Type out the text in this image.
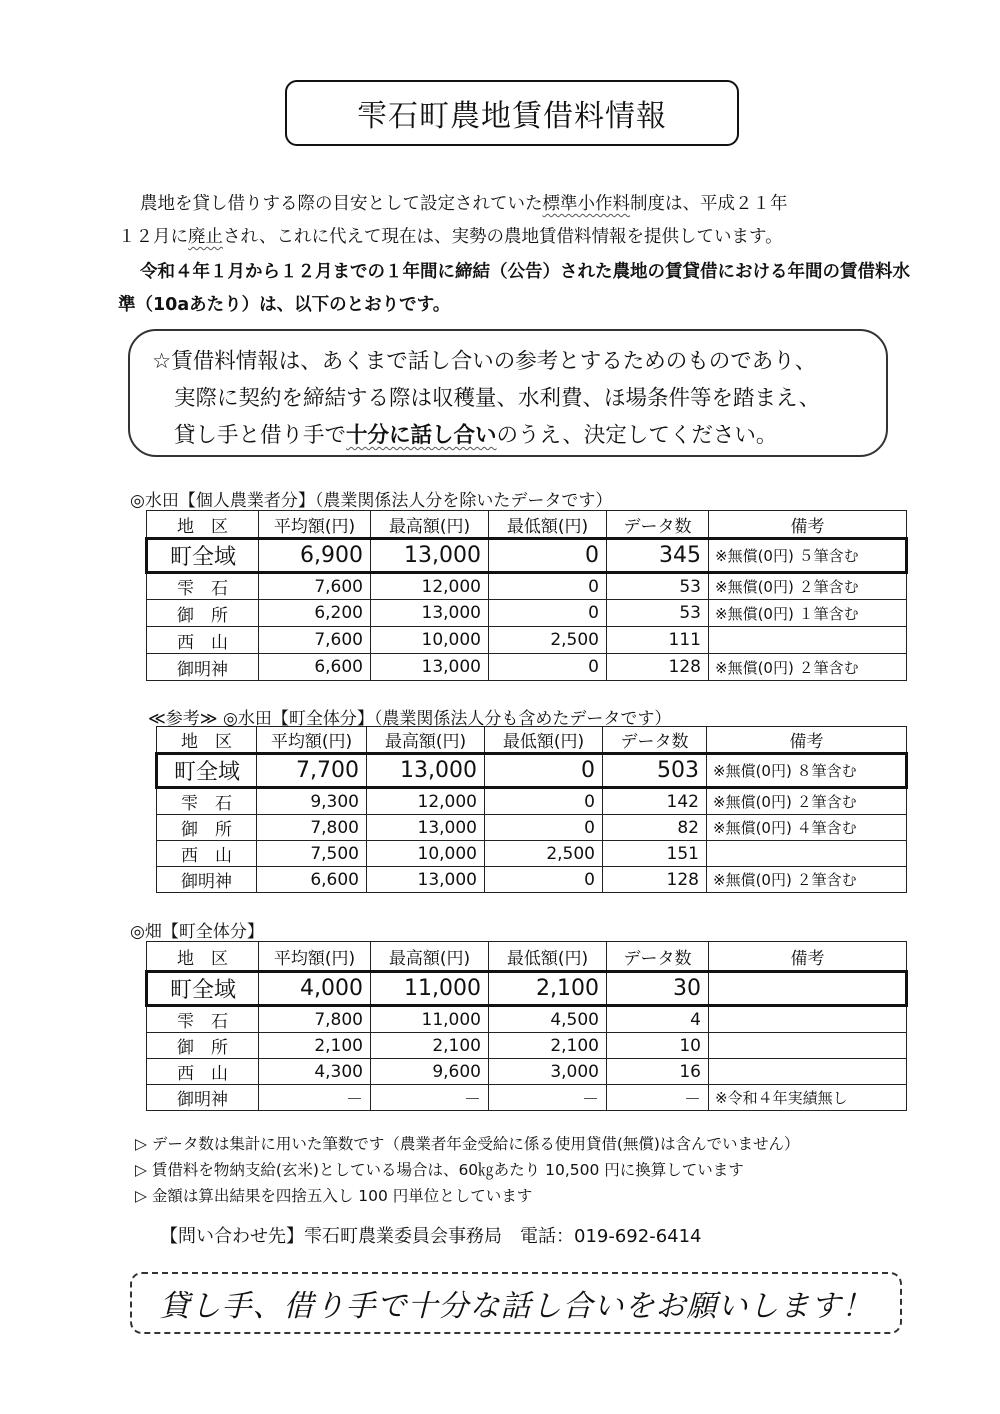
雫石町農地賃借料情報

農地を貸し借りする際の目安として設定されていた標準小作料制度は、平成２１年
１２月に廃止され、これに代えて現在は、実勢の農地賃借料情報を提供しています。

令和４年１月から１２月までの１年間に締結（公告）された農地の賃貸借における年間の賃借料水準（10aあたり）は、以下のとおりです。

☆賃借料情報は、あくまで話し合いの参考とするためのものであり、
実際に契約を締結する際は収穫量、水利費、ほ場条件等を踏まえ、
貸し手と借り手で十分に話し合いのうえ、決定してください。
◎水田【個人農業者分】（農業関係法人分を除いたデータです）
地　区	平均額(円)	最高額(円)	最低額(円)	データ数	備考
町全域	6,900	13,000	0	345	※無償(0円) ５筆含む
雫　石	7,600	12,000	0	53	※無償(0円) ２筆含む
御　所	6,200	13,000	0	53	※無償(0円) １筆含む
西　山	7,600	10,000	2,500	111	
御明神	6,600	13,000	0	128	※無償(0円) ２筆含む
≪参考≫ ◎水田【町全体分】（農業関係法人分も含めたデータです）
地　区	平均額(円)	最高額(円)	最低額(円)	データ数	備考
町全域	7,700	13,000	0	503	※無償(0円) ８筆含む
雫　石	9,300	12,000	0	142	※無償(0円) ２筆含む
御　所	7,800	13,000	0	82	※無償(0円) ４筆含む
西　山	7,500	10,000	2,500	151	
御明神	6,600	13,000	0	128	※無償(0円) ２筆含む
◎畑【町全体分】
地　区	平均額(円)	最高額(円)	最低額(円)	データ数	備考
町全域	4,000	11,000	2,100	30	
雫　石	7,800	11,000	4,500	4	
御　所	2,100	2,100	2,100	10	
西　山	4,300	9,600	3,000	16	
御明神	－	－	－	－	※令和４年実績無し
▷ データ数は集計に用いた筆数です（農業者年金受給に係る使用貸借(無償)は含んでいません）
▷ 賃借料を物納支給(玄米)としている場合は、60㎏あたり 10,500 円に換算しています
▷ 金額は算出結果を四捨五入し 100 円単位としています
【問い合わせ先】雫石町農業委員会事務局　電話：019-692-6414
貸し手、借り手で十分な話し合いをお願いします！
